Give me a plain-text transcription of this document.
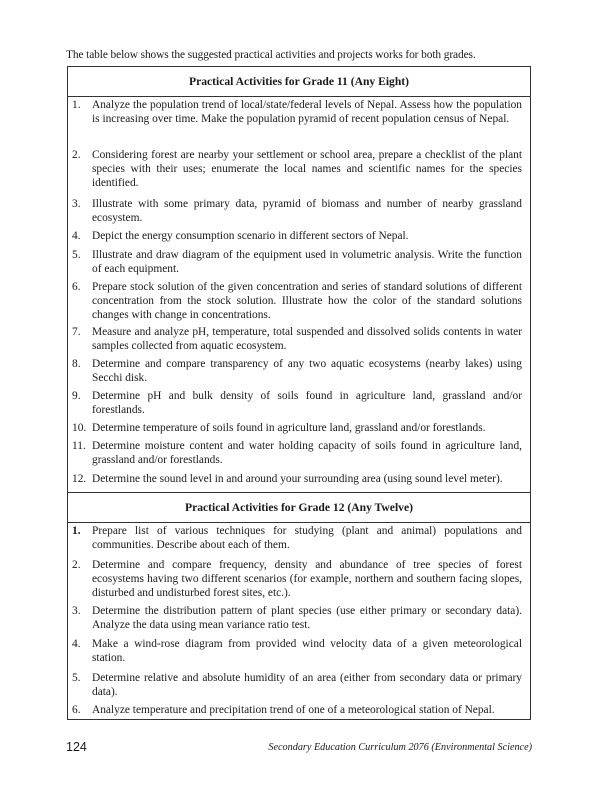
The table below shows the suggested practical activities and projects works for both grades.
Practical Activities for Grade 11 (Any Eight)
1.	Analyze the population trend of local/state/federal levels of Nepal. Assess how the population is increasing over time. Make the population pyramid of recent population census of Nepal.
2.	Considering forest are nearby your settlement or school area, prepare a checklist of the plant species with their uses; enumerate the local names and scientific names for the species identified.
3.	Illustrate with some primary data, pyramid of biomass and number of nearby grassland ecosystem.
4.	Depict the energy consumption scenario in different sectors of Nepal.
5.	Illustrate and draw diagram of the equipment used in volumetric analysis. Write the function of each equipment.
6.	Prepare stock solution of the given concentration and series of standard solutions of different concentration from the stock solution. Illustrate how the color of the standard solutions changes with change in concentrations.
7.	Measure and analyze pH, temperature, total suspended and dissolved solids contents in water samples collected from aquatic ecosystem.
8.	Determine and compare transparency of any two aquatic ecosystems (nearby lakes) using Secchi disk.
9.	Determine pH and bulk density of soils found in agriculture land, grassland and/or forestlands.
10. Determine temperature of soils found in agriculture land, grassland and/or forestlands.
11. Determine moisture content and water holding capacity of soils found in agriculture land, grassland and/or forestlands.
12. Determine the sound level in and around your surrounding area (using sound level meter).
Practical Activities for Grade 12 (Any Twelve)
1.	Prepare list of various techniques for studying (plant and animal) populations and communities. Describe about each of them.
2.	Determine and compare frequency, density and abundance of tree species of forest ecosystems having two different scenarios (for example, northern and southern facing slopes, disturbed and undisturbed forest sites, etc.).
3.	Determine the distribution pattern of plant species (use either primary or secondary data). Analyze the data using mean variance ratio test.
4.	Make a wind-rose diagram from provided wind velocity data of a given meteorological station.
5.	Determine relative and absolute humidity of an area (either from secondary data or primary data).
6.	Analyze temperature and precipitation trend of one of a meteorological station of Nepal.
124	Secondary Education Curriculum 2076 (Environmental Science)
